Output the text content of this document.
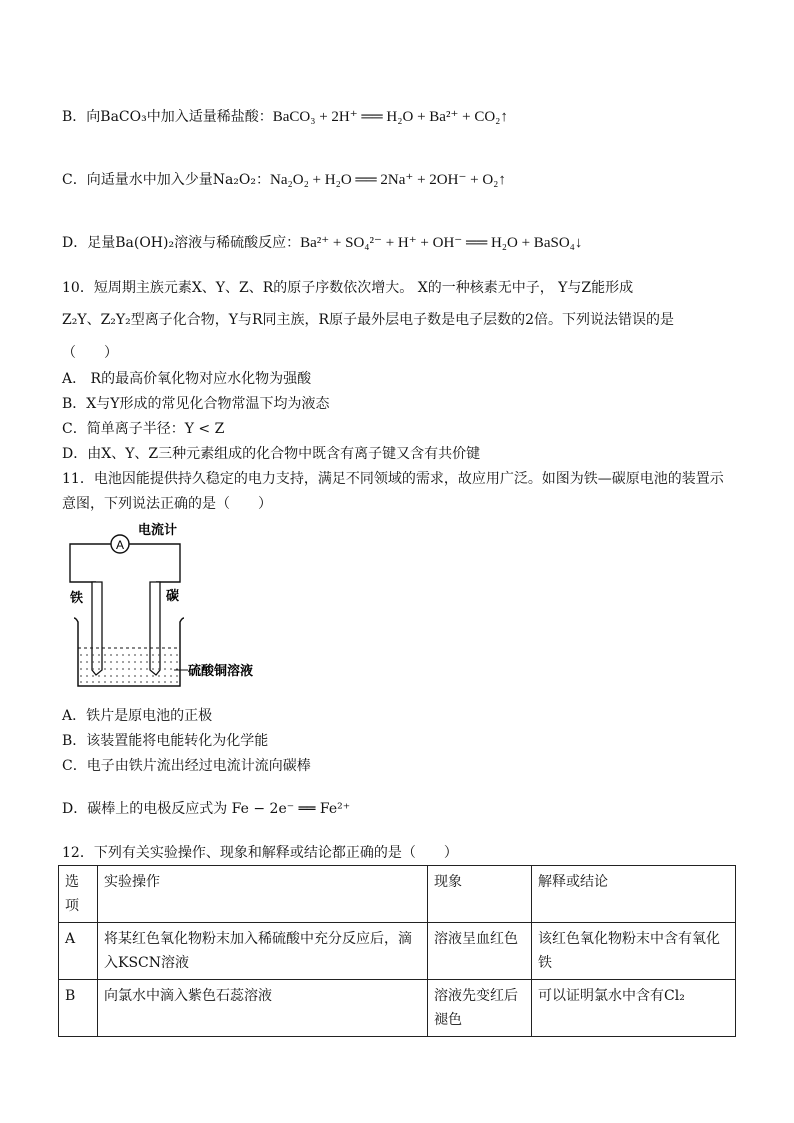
B．向BaCO₃中加入适量稀盐酸：BaCO₃ + 2H⁺ ══ H₂O + Ba²⁺ + CO₂↑
C．向适量水中加入少量Na₂O₂：Na₂O₂ + H₂O ══ 2Na⁺ + 2OH⁻ + O₂↑
D．足量Ba(OH)₂溶液与稀硫酸反应：Ba²⁺ + SO₄²⁻ + H⁺ + OH⁻ ══ H₂O + BaSO₄↓
10．短周期主族元素X、Y、Z、R的原子序数依次增大。 X的一种核素无中子， Y与Z能形成
Z₂Y、Z₂Y₂型离子化合物，Y与R同主族，R原子最外层电子数是电子层数的2倍。下列说法错误的是
（　　）
A． R的最高价氧化物对应水化物为强酸
B．X与Y形成的常见化合物常温下均为液态
C．简单离子半径：Y < Z
D．由X、Y、Z三种元素组成的化合物中既含有离子键又含有共价键
11．电池因能提供持久稳定的电力支持，满足不同领域的需求，故应用广泛。如图为铁—碳原电池的装置示
意图，下列说法正确的是（　　）
A
电流计
铁	碳
硫酸铜溶液
A．铁片是原电池的正极
B．该装置能将电能转化为化学能
C．电子由铁片流出经过电流计流向碳棒
D．碳棒上的电极反应式为 Fe − 2e⁻ ══ Fe²⁺
12．下列有关实验操作、现象和解释或结论都正确的是（　　）
选项	实验操作	现象	解释或结论
A	将某红色氧化物粉末加入稀硫酸中充分反应后，滴入KSCN溶液	溶液呈血红色	该红色氧化物粉末中含有氧化铁
B	向氯水中滴入紫色石蕊溶液	溶液先变红后褪色	可以证明氯水中含有Cl₂
